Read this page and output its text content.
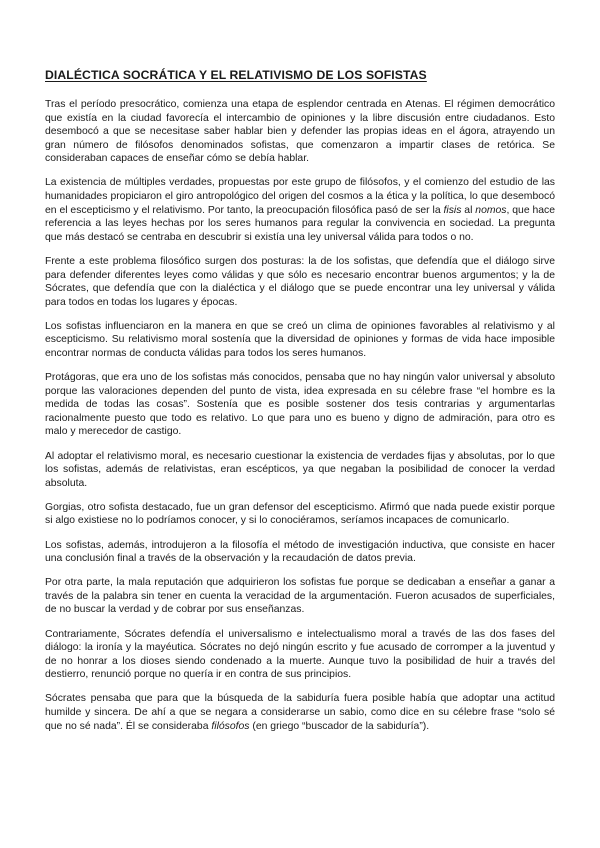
DIALÉCTICA SOCRÁTICA Y EL RELATIVISMO DE LOS SOFISTAS

Tras el período presocrático, comienza una etapa de esplendor centrada en Atenas. El régimen democrático que existía en la ciudad favorecía el intercambio de opiniones y la libre discusión entre ciudadanos. Esto desembocó a que se necesitase saber hablar bien y defender las propias ideas en el ágora, atrayendo un gran número de filósofos denominados sofistas, que comenzaron a impartir clases de retórica. Se consideraban capaces de enseñar cómo se debía hablar.

La existencia de múltiples verdades, propuestas por este grupo de filósofos, y el comienzo del estudio de las humanidades propiciaron el giro antropológico del origen del cosmos a la ética y la política, lo que desembocó en el escepticismo y el relativismo. Por tanto, la preocupación filosófica pasó de ser la fisis al nomos, que hace referencia a las leyes hechas por los seres humanos para regular la convivencia en sociedad. La pregunta que más destacó se centraba en descubrir si existía una ley universal válida para todos o no.

Frente a este problema filosófico surgen dos posturas: la de los sofistas, que defendía que el diálogo sirve para defender diferentes leyes como válidas y que sólo es necesario encontrar buenos argumentos; y la de Sócrates, que defendía que con la dialéctica y el diálogo que se puede encontrar una ley universal y válida para todos en todas los lugares y épocas.

Los sofistas influenciaron en la manera en que se creó un clima de opiniones favorables al relativismo y al escepticismo. Su relativismo moral sostenía que la diversidad de opiniones y formas de vida hace imposible encontrar normas de conducta válidas para todos los seres humanos.

Protágoras, que era uno de los sofistas más conocidos, pensaba que no hay ningún valor universal y absoluto porque las valoraciones dependen del punto de vista, idea expresada en su célebre frase “el hombre es la medida de todas las cosas”. Sostenía que es posible sostener dos tesis contrarias y argumentarlas racionalmente puesto que todo es relativo. Lo que para uno es bueno y digno de admiración, para otro es malo y merecedor de castigo.

Al adoptar el relativismo moral, es necesario cuestionar la existencia de verdades fijas y absolutas, por lo que los sofistas, además de relativistas, eran escépticos, ya que negaban la posibilidad de conocer la verdad absoluta.

Gorgias, otro sofista destacado, fue un gran defensor del escepticismo. Afirmó que nada puede existir porque si algo existiese no lo podríamos conocer, y si lo conociéramos, seríamos incapaces de comunicarlo.

Los sofistas, además, introdujeron a la filosofía el método de investigación inductiva, que consiste en hacer una conclusión final a través de la observación y la recaudación de datos previa.

Por otra parte, la mala reputación que adquirieron los sofistas fue porque se dedicaban a enseñar a ganar a través de la palabra sin tener en cuenta la veracidad de la argumentación. Fueron acusados de superficiales, de no buscar la verdad y de cobrar por sus enseñanzas.

Contrariamente, Sócrates defendía el universalismo e intelectualismo moral a través de las dos fases del diálogo: la ironía y la mayéutica. Sócrates no dejó ningún escrito y fue acusado de corromper a la juventud y de no honrar a los dioses siendo condenado a la muerte. Aunque tuvo la posibilidad de huir a través del destierro, renunció porque no quería ir en contra de sus principios.

Sócrates pensaba que para que la búsqueda de la sabiduría fuera posible había que adoptar una actitud humilde y sincera. De ahí a que se negara a considerarse un sabio, como dice en su célebre frase “solo sé que no sé nada”. Él se consideraba filósofos (en griego “buscador de la sabiduría”).
